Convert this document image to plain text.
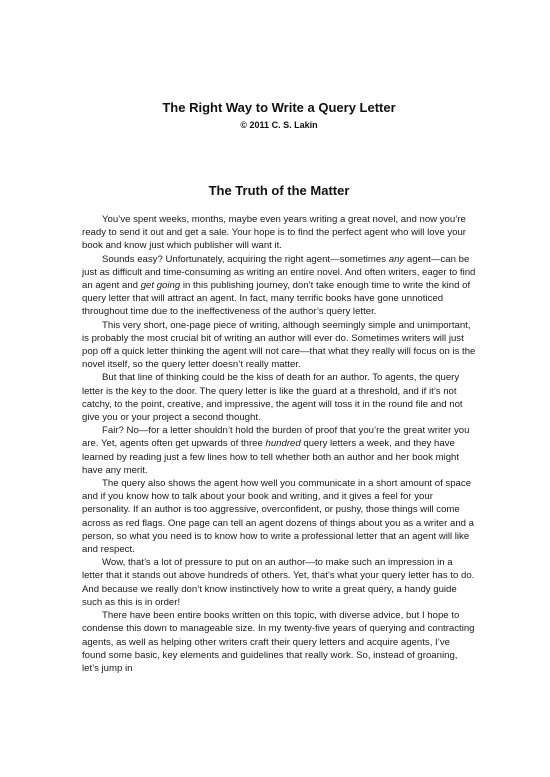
The Right Way to Write a Query Letter
© 2011 C. S. Lakin
The Truth of the Matter

You’ve spent weeks, months, maybe even years writing a great novel, and now you’re ready to send it out and get a sale. Your hope is to find the perfect agent who will love your book and know just which publisher will want it.

Sounds easy? Unfortunately, acquiring the right agent—sometimes any agent—can be just as difficult and time-consuming as writing an entire novel. And often writers, eager to find an agent and get going in this publishing journey, don’t take enough time to write the kind of query letter that will attract an agent. In fact, many terrific books have gone unnoticed throughout time due to the ineffectiveness of the author’s query letter.

This very short, one-page piece of writing, although seemingly simple and unimportant, is probably the most crucial bit of writing an author will ever do. Sometimes writers will just pop off a quick letter thinking the agent will not care—that what they really will focus on is the novel itself, so the query letter doesn’t really matter.

But that line of thinking could be the kiss of death for an author. To agents, the query letter is the key to the door. The query letter is like the guard at a threshold, and if it’s not catchy, to the point, creative, and impressive, the agent will toss it in the round file and not give you or your project a second thought.

Fair? No—for a letter shouldn’t hold the burden of proof that you’re the great writer you are. Yet, agents often get upwards of three hundred query letters a week, and they have learned by reading just a few lines how to tell whether both an author and her book might have any merit.

The query also shows the agent how well you communicate in a short amount of space and if you know how to talk about your book and writing, and it gives a feel for your personality. If an author is too aggressive, overconfident, or pushy, those things will come across as red flags. One page can tell an agent dozens of things about you as a writer and a person, so what you need is to know how to write a professional letter that an agent will like and respect.

Wow, that’s a lot of pressure to put on an author—to make such an impression in a letter that it stands out above hundreds of others. Yet, that’s what your query letter has to do. And because we really don’t know instinctively how to write a great query, a handy guide such as this is in order!

There have been entire books written on this topic, with diverse advice, but I hope to condense this down to manageable size. In my twenty-five years of querying and contracting agents, as well as helping other writers craft their query letters and acquire agents, I’ve found some basic, key elements and guidelines that really work. So, instead of groaning, let’s jump in
